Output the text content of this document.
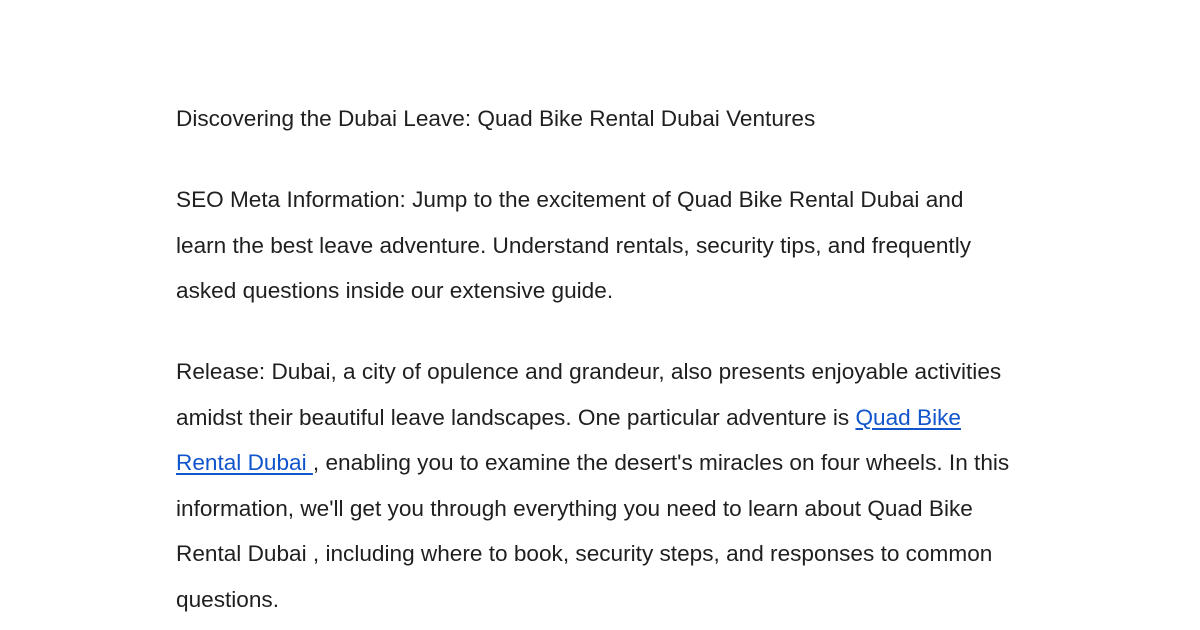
Discovering the Dubai Leave: Quad Bike Rental Dubai Ventures

SEO Meta Information: Jump to the excitement of Quad Bike Rental Dubai and learn the best leave adventure. Understand rentals, security tips, and frequently asked questions inside our extensive guide.

Release: Dubai, a city of opulence and grandeur, also presents enjoyable activities amidst their beautiful leave landscapes. One particular adventure is Quad Bike Rental Dubai , enabling you to examine the desert's miracles on four wheels. In this information, we'll get you through everything you need to learn about Quad Bike Rental Dubai , including where to book, security steps, and responses to common questions.
